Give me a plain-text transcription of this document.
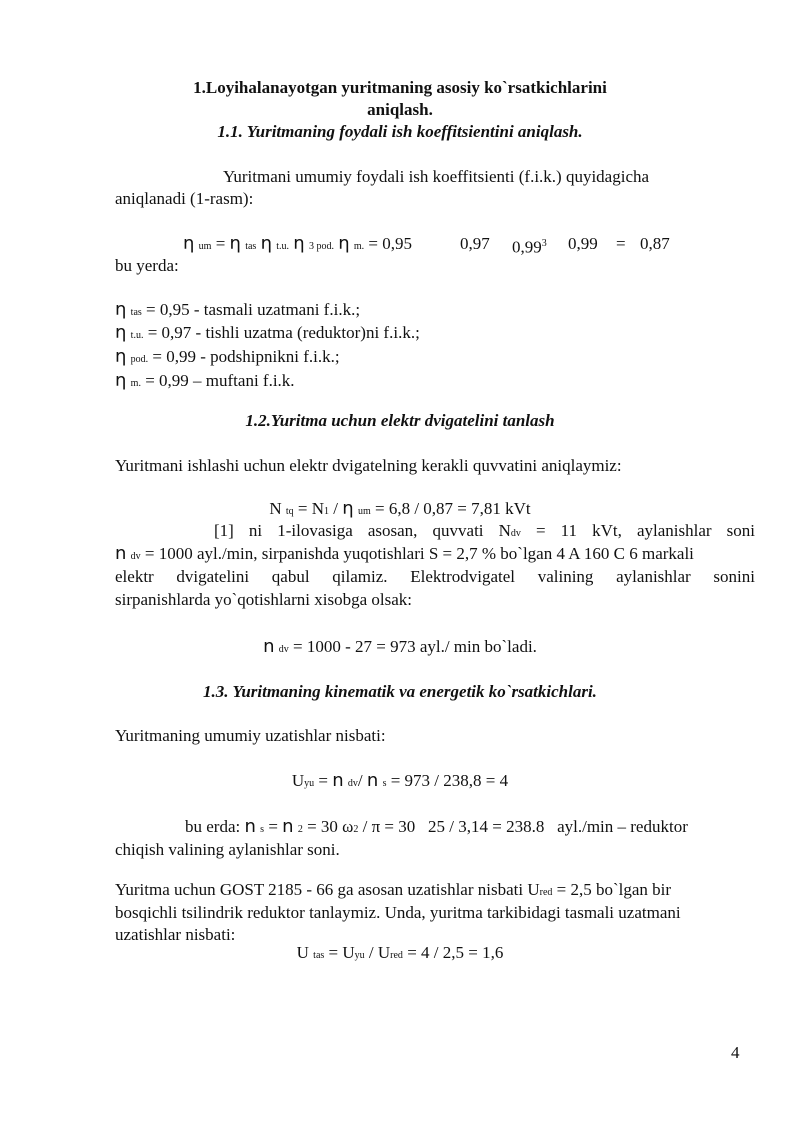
1.Loyihalanayotgan yuritmaning asosiy ko`rsatkichlarini
aniqlash.
1.1. Yuritmaning foydali ish koeffitsientini aniqlash.
Yuritmani umumiy foydali ish koeffitsienti (f.i.k.) quyidagicha
aniqlanadi (1-rasm):
η um = η tas η t.u. η 3 pod. η m. = 0,95	0,97 0,99$^3$ 0,99 = 0,87
bu yerda:
η tas = 0,95 - tasmali uzatmani f.i.k.;
η t.u. = 0,97 - tishli uzatma (reduktor)ni f.i.k.;
η pod. = 0,99 - podshipnikni f.i.k.;
η m. = 0,99 – muftani f.i.k.
1.2.Yuritma uchun elektr dvigatelini tanlash
Yuritmani ishlashi uchun elektr dvigatelning kerakli quvvatini aniqlaymiz:
N tq = N1 / η um = 6,8 / 0,87 = 7,81 kVt
[1] ni 1-ilovasiga asosan, quvvati Ndv = 11 kVt, aylanishlar soni
n dv = 1000 ayl./min, sirpanishda yuqotishlari S = 2,7 % bo`lgan 4 A 160 C 6 markali
elektr dvigatelini qabul qilamiz. Elektrodvigatel valining aylanishlar sonini
sirpanishlarda yo`qotishlarni xisobga olsak:
n dv = 1000 - 27 = 973 ayl./ min bo`ladi.
1.3. Yuritmaning kinematik va energetik ko`rsatkichlari.
Yuritmaning umumiy uzatishlar nisbati:
Uyu = n dv/ n s = 973 / 238,8 = 4
bu erda: n s = n 2 = 30 ω2 / π = 30 25 / 3,14 = 238.8 ayl./min – reduktor
chiqish valining aylanishlar soni.
Yuritma uchun GOST 2185 - 66 ga asosan uzatishlar nisbati Ured = 2,5 bo`lgan bir
bosqichli tsilindrik reduktor tanlaymiz. Unda, yuritma tarkibidagi tasmali uzatmani
uzatishlar nisbati:
U tas = Uyu / Ured = 4 / 2,5 = 1,6
4
